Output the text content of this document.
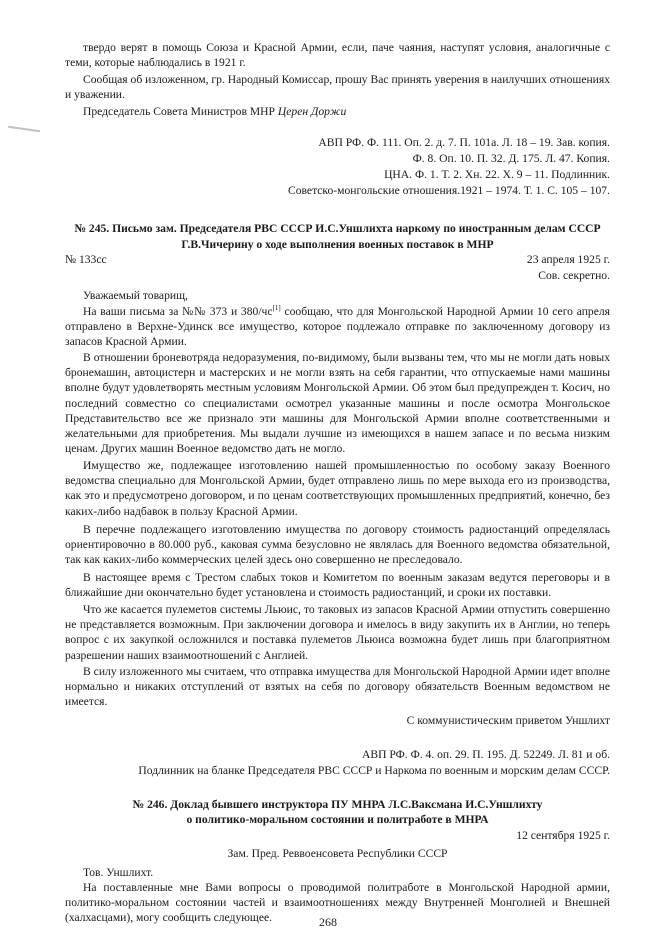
твердо верят в помощь Союза и Красной Армии, если, паче чаяния, наступят условия, аналогичные с теми, которые наблюдались в 1921 г.

Сообщая об изложенном, гр. Народный Комиссар, прошу Вас принять уверения в наилучших отношениях и уважении.

Председатель Совета Министров МНР Церен Доржи

АВП РФ. Ф. 111. Оп. 2. д. 7. П. 101а. Л. 18 – 19. Зав. копия.

Ф. 8. Оп. 10. П. 32. Д. 175. Л. 47. Копия.

ЦНА. Ф. 1. Т. 2. Хн. 22. Х. 9 – 11. Подлинник.

Советско-монгольские отношения.1921 – 1974. Т. 1. С. 105 – 107.

№ 245. Письмо зам. Председателя РВС СССР И.С.Уншлихта наркому по иностранным делам СССР

Г.В.Чичерину о ходе выполнения военных поставок в МНР

№ 133сс	23 апреля 1925 г.

Сов. секретно.

Уважаемый товарищ,

На ваши письма за №№ 373 и 380/чс[1] сообщаю, что для Монгольской Народной Армии 10 сего апреля отправлено в Верхне-Удинск все имущество, которое подлежало отправке по заключенному договору из запасов Красной Армии.

В отношении броневотряда недоразумения, по-видимому, были вызваны тем, что мы не могли дать новых бронемашин, автоцистерн и мастерских и не могли взять на себя гарантии, что отпускаемые нами машины вполне будут удовлетворять местным условиям Монгольской Армии. Об этом был предупрежден т. Косич, но последний совместно со специалистами осмотрел указанные машины и после осмотра Монгольское Представительство все же признало эти машины для Монгольской Армии вполне соответственными и желательными для приобретения. Мы выдали лучшие из имеющихся в нашем запасе и по весьма низким ценам. Других машин Военное ведомство дать не могло.

Имущество же, подлежащее изготовлению нашей промышленностью по особому заказу Военного ведомства специально для Монгольской Армии, будет отправлено лишь по мере выхода его из производства, как это и предусмотрено договором, и по ценам соответствующих промышленных предприятий, конечно, без каких-либо надбавок в пользу Красной Армии.

В перечне подлежащего изготовлению имущества по договору стоимость радиостанций определялась ориентировочно в 80.000 руб., каковая сумма безусловно не являлась для Военного ведомства обязательной, так как каких-либо коммерческих целей здесь оно совершенно не преследовало.

В настоящее время с Трестом слабых токов и Комитетом по военным заказам ведутся переговоры и в ближайшие дни окончательно будет установлена и стоимость радиостанций, и сроки их поставки.

Что же касается пулеметов системы Льюис, то таковых из запасов Красной Армии отпустить совершенно не представляется возможным. При заключении договора и имелось в виду закупить их в Англии, но теперь вопрос с их закупкой осложнился и поставка пулеметов Льюиса возможна будет лишь при благоприятном разрешении наших взаимоотношений с Англией.

В силу изложенного мы считаем, что отправка имущества для Монгольской Народной Армии идет вполне нормально и никаких отступлений от взятых на себя по договору обязательств Военным ведомством не имеется.

С коммунистическим приветом Уншлихт

АВП РФ. Ф. 4. оп. 29. П. 195. Д. 52249. Л. 81 и об.

Подлинник на бланке Председателя РВС СССР и Наркома по военным и морским делам СССР.

№ 246. Доклад бывшего инструктора ПУ МНРА Л.С.Ваксмана И.С.Уншлихту

о политико-моральном состоянии и политработе в МНРА

12 сентября 1925 г.

Зам. Пред. Реввоенсовета Республики СССР

Тов. Уншлихт.

На поставленные мне Вами вопросы о проводимой политработе в Монгольской Народной армии, политико-моральном состоянии частей и взаимоотношениях между Внутренней Монголией и Внешней (халхасцами), могу сообщить следующее.	268
